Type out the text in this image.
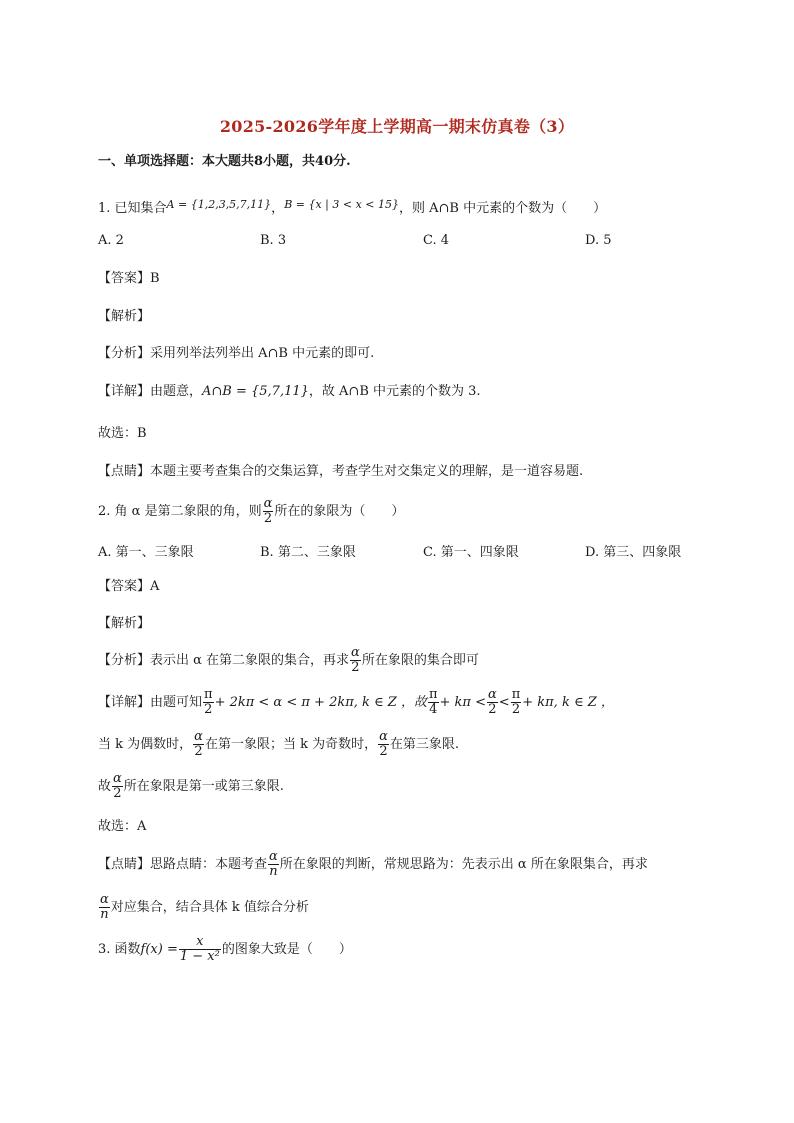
2025-2026学年度上学期高一期末仿真卷（3）
一、单项选择题：本大题共8小题，共40分.
1. 已知集合$^{A = \{1,2,3,5,7,11\}}$，$^{B = \{x | 3 < x < 15\}}$，则 A∩B 中元素的个数为（　　）
A. 2	B. 3	C. 4	D. 5
【答案】B
【解析】
【分析】采用列举法列举出 A∩B 中元素的即可.
【详解】由题意，A∩B = {5,7,11}，故 A∩B 中元素的个数为 3.
故选：B
【点睛】本题主要考查集合的交集运算，考查学生对交集定义的理解，是一道容易题.
2. 角 α 是第二象限的角，则 $\frac{\alpha}{2}$ 所在的象限为（　　）
A. 第一、三象限	B. 第二、三象限	C. 第一、四象限	D. 第三、四象限
【答案】A
【解析】
【分析】表示出 α 在第二象限的集合，再求 $\frac{\alpha}{2}$ 所在象限的集合即可
【详解】由题可知 $\frac{\pi}{2} + 2k\pi < \alpha < \pi + 2k\pi$, k ∈ Z ，故 $\frac{\pi}{4} + k\pi < \frac{\alpha}{2} < \frac{\pi}{2} + k\pi$, k ∈ Z ，
当 k 为偶数时， $\frac{\alpha}{2}$ 在第一象限；当 k 为奇数时， $\frac{\alpha}{2}$ 在第三象限.
故 $\frac{\alpha}{2}$ 所在象限是第一或第三象限.
故选：A
【点睛】思路点睛：本题考查 $\frac{\alpha}{n}$ 所在象限的判断，常规思路为：先表示出 α 所在象限集合，再求
$\frac{\alpha}{n}$ 对应集合，结合具体 k 值综合分析
3. 函数$f(x) = \frac{x}{\text{1 − x²}}$ 的图象大致是（　　）
